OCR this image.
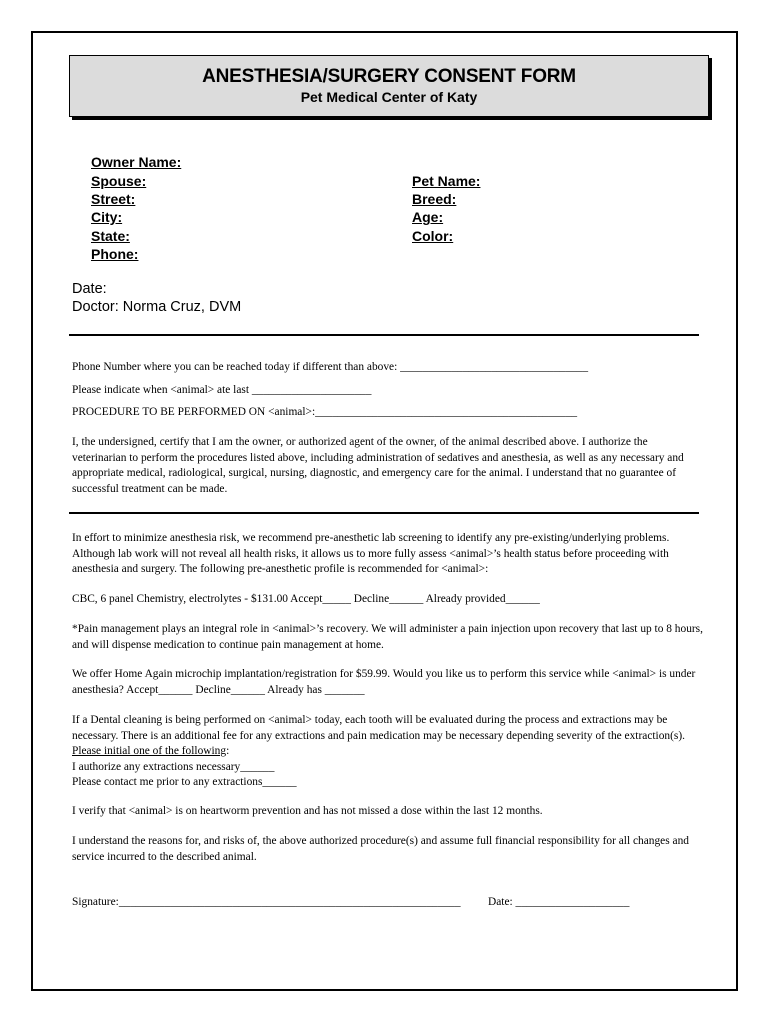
ANESTHESIA/SURGERY CONSENT FORM
Pet Medical Center of Katy
Owner Name:
Spouse:
Street:
City:
State:
Phone:
Pet Name:
Breed:
Age:
Color:
Date:
Doctor: Norma Cruz, DVM

Phone Number where you can be reached today if different than above: _________________________________

Please indicate when <animal> ate last _____________________

PROCEDURE TO BE PERFORMED ON <animal>:______________________________________________

I, the undersigned, certify that I am the owner, or authorized agent of the owner, of the animal described above. I authorize the veterinarian to perform the procedures listed above, including administration of sedatives and anesthesia, as well as any necessary and appropriate medical, radiological, surgical, nursing, diagnostic, and emergency care for the animal. I understand that no guarantee of successful treatment can be made.

In effort to minimize anesthesia risk, we recommend pre-anesthetic lab screening to identify any pre-existing/underlying problems. Although lab work will not reveal all health risks, it allows us to more fully assess <animal>’s health status before proceeding with anesthesia and surgery. The following pre-anesthetic profile is recommended for <animal>:

CBC, 6 panel Chemistry, electrolytes - $131.00 Accept_____ Decline______ Already provided______

*Pain management plays an integral role in <animal>’s recovery. We will administer a pain injection upon recovery that last up to 8 hours, and will dispense medication to continue pain management at home.

We offer Home Again microchip implantation/registration for $59.99. Would you like us to perform this service while <animal> is under anesthesia? Accept______ Decline______ Already has _______

If a Dental cleaning is being performed on <animal> today, each tooth will be evaluated during the process and extractions may be necessary. There is an additional fee for any extractions and pain medication may be necessary depending severity of the extraction(s). Please initial one of the following:
I authorize any extractions necessary______
Please contact me prior to any extractions______

I verify that <animal> is on heartworm prevention and has not missed a dose within the last 12 months.

I understand the reasons for, and risks of, the above authorized procedure(s) and assume full financial responsibility for all changes and service incurred to the described animal.

Signature:____________________________________________________________ Date: ____________________
